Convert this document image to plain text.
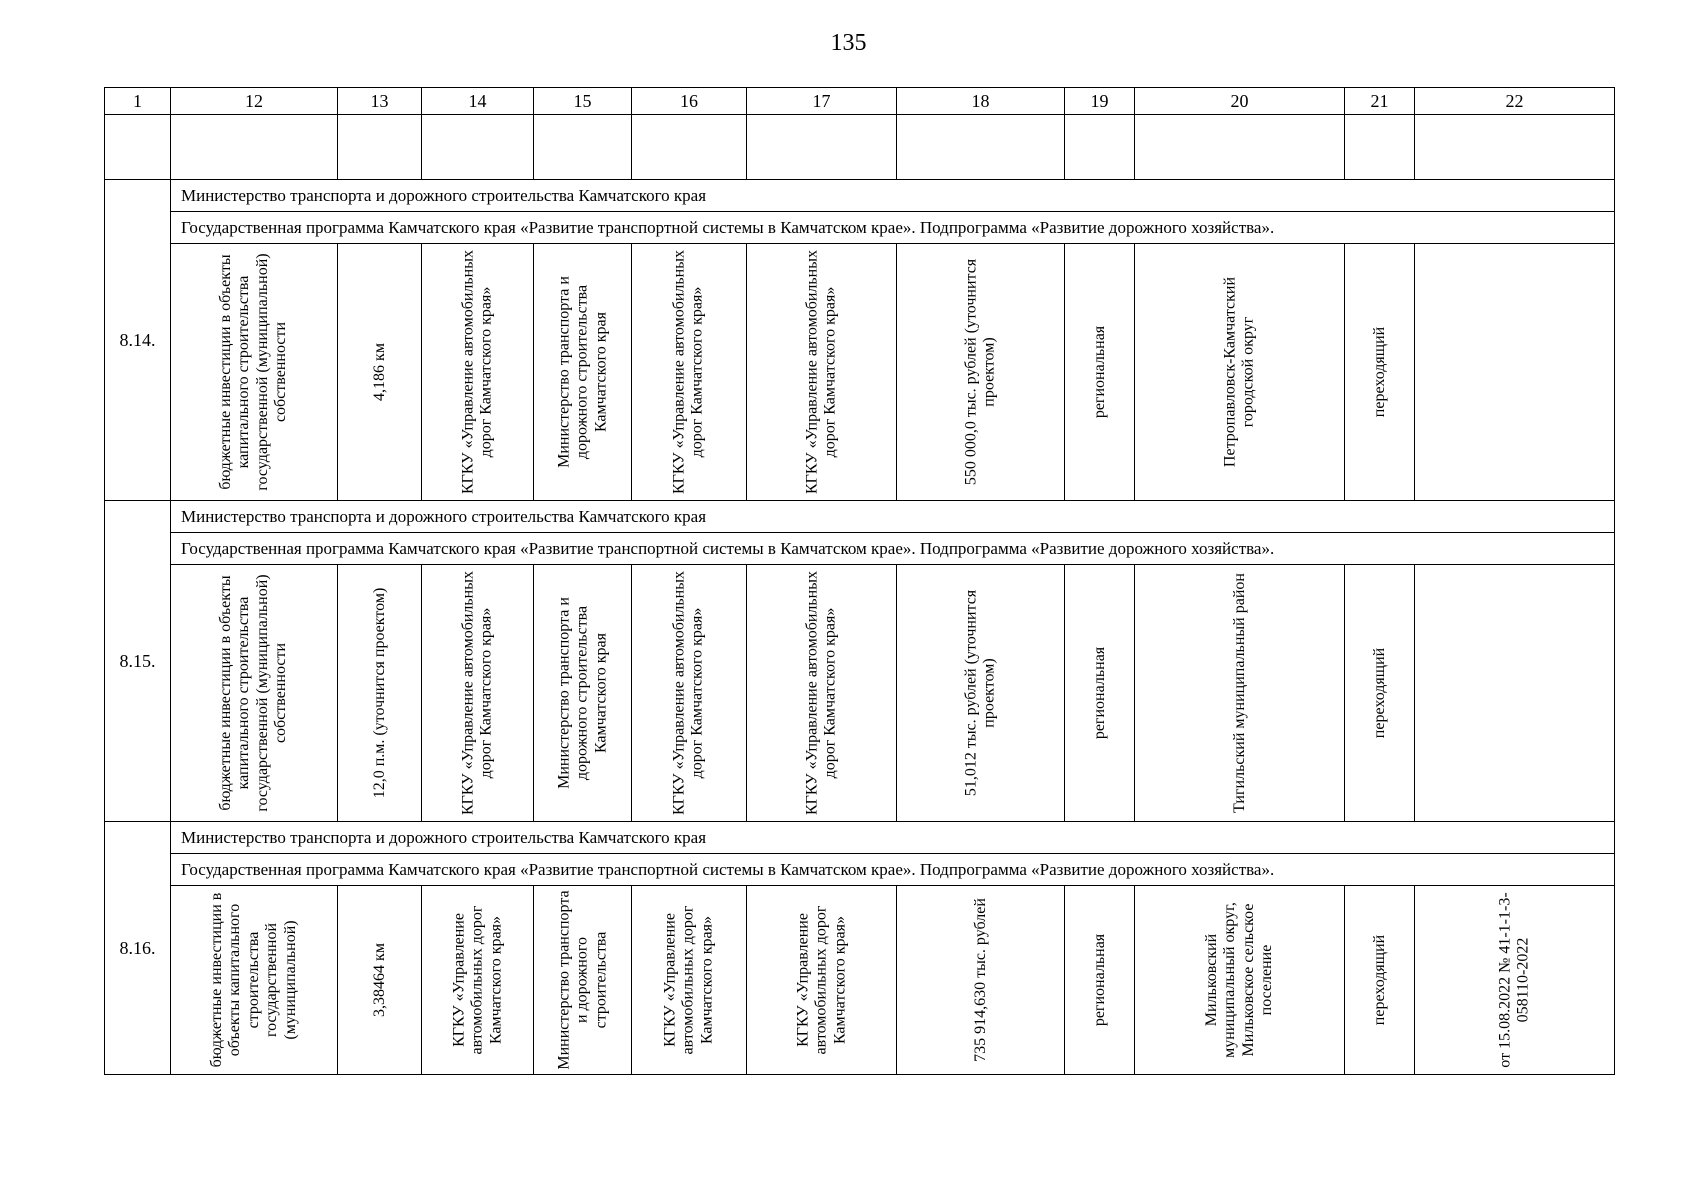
135
1	12	13	14	15	16	17	18	19	20	21	22

8.14.	Министерство транспорта и дорожного строительства Камчатского края										
	Государственная программа Камчатского края «Развитие транспортной системы в Камчатском крае». Подпрограмма «Развитие дорожного хозяйства».										

	бюджетные инвестиции в объекты капитального строительства государственной (муниципальной) собственности	4,186 км	КГКУ «Управление автомобильных дорог Камчатского края»	Министерство транспорта и дорожного строительства Камчатского края	КГКУ «Управление автомобильных дорог Камчатского края»	КГКУ «Управление автомобильных дорог Камчатского края»	550 000,0 тыс. рублей (уточнится проектом)	региональная	Петропавловск-Камчатский городской округ	переходящий	

8.15.	Министерство транспорта и дорожного строительства Камчатского края										
	Государственная программа Камчатского края «Развитие транспортной системы в Камчатском крае». Подпрограмма «Развитие дорожного хозяйства».										

	бюджетные инвестиции в объекты капитального строительства государственной (муниципальной) собственности	12,0 п.м. (уточнится проектом)	КГКУ «Управление автомобильных дорог Камчатского края»	Министерство транспорта и дорожного строительства Камчатского края	КГКУ «Управление автомобильных дорог Камчатского края»	КГКУ «Управление автомобильных дорог Камчатского края»	51,012 тыс. рублей (уточнится проектом)	региональная	Тигильский муниципальный район	переходящий	

8.16.	Министерство транспорта и дорожного строительства Камчатского края										
	Государственная программа Камчатского края «Развитие транспортной системы в Камчатском крае». Подпрограмма «Развитие дорожного хозяйства».										

	бюджетные инвестиции в объекты капитального строительства государственной (муниципальной)	3,38464 км	КГКУ «Управление автомобильных дорог Камчатского края»	Министерство транспорта и дорожного строительства	КГКУ «Управление автомобильных дорог Камчатского края»	КГКУ «Управление автомобильных дорог Камчатского края»	735 914,630 тыс. рублей	региональная	Мильковский муниципальный округ, Мильковское сельское поселение	переходящий	от 15.08.2022 № 41-1-1-3-058110-2022
